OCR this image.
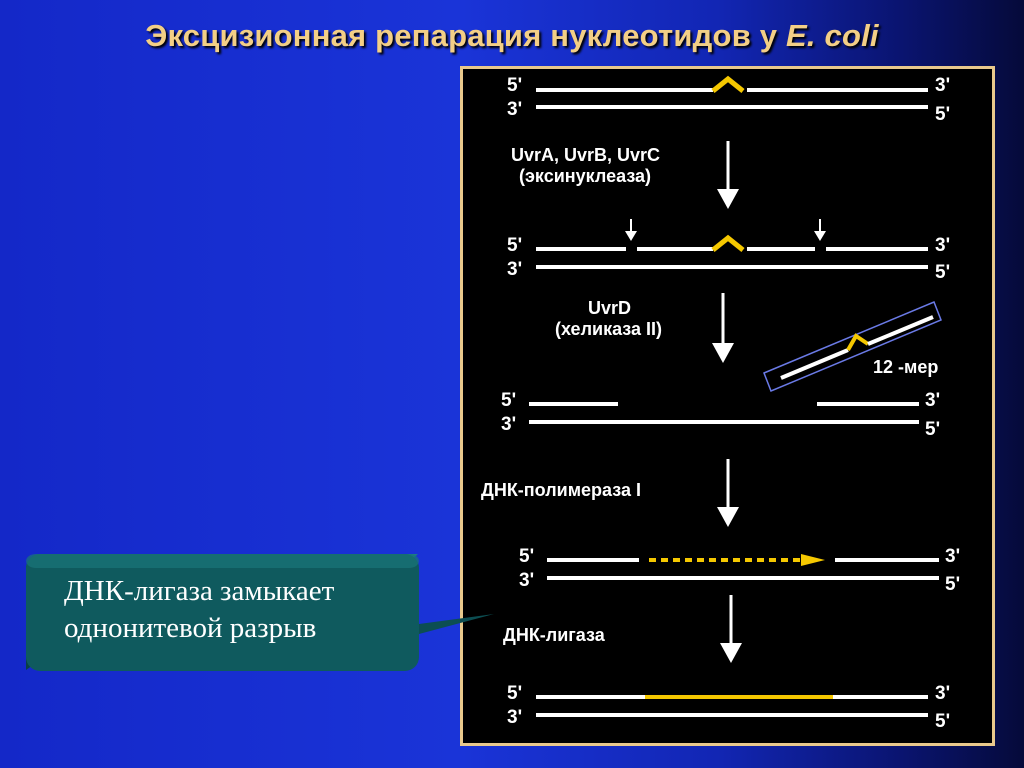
Эксцизионная репарация нуклеотидов у E. coli
5'
3'
3'
5'
UvrA, UvrB, UvrC
(эксинуклеаза)
5'
3'
3'
5'
UvrD
(хеликаза II)
12 -мер
5'
3'
3'
5'
ДНК-полимераза I
5'
3'
3'
5'
ДНК-лигаза
5'
3'
3'
5'
ДНК-лигаза замыкает
однонитевой разрыв
